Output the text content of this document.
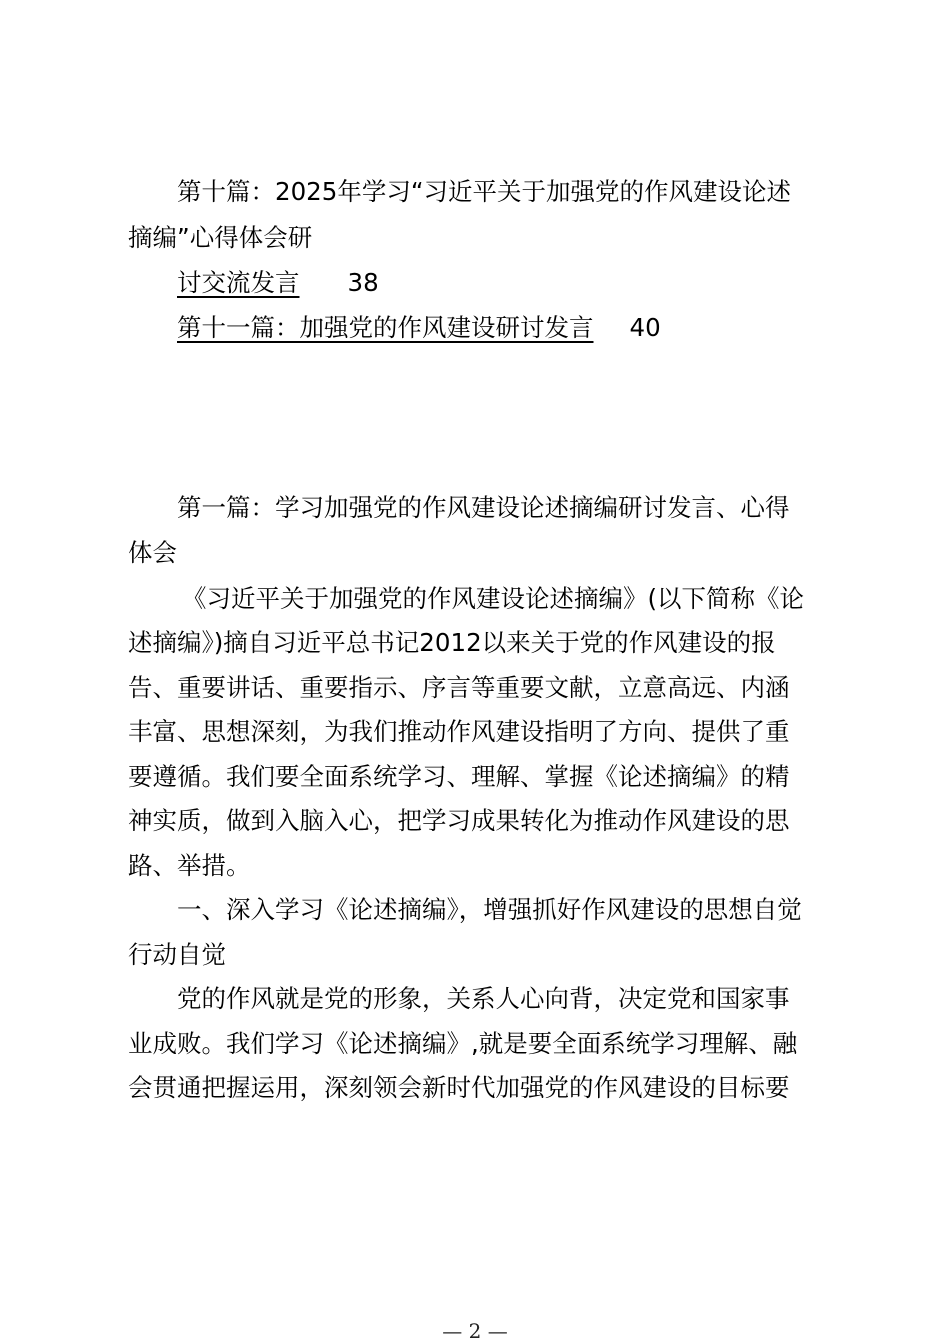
第十篇：2025年学习“习近平关于加强党的作风建设论述
摘编”心得体会研
讨交流发言 38
第十一篇：加强党的作风建设研讨发言 40
第一篇：学习加强党的作风建设论述摘编研讨发言、心得
体会
《习近平关于加强党的作风建设论述摘编》(以下简称《论
述摘编》)摘自习近平总书记2012以来关于党的作风建设的报
告、重要讲话、重要指示、序言等重要文献，立意高远、内涵
丰富、思想深刻，为我们推动作风建设指明了方向、提供了重
要遵循。我们要全面系统学习、理解、掌握《论述摘编》的精
神实质，做到入脑入心，把学习成果转化为推动作风建设的思
路、举措。
一、深入学习《论述摘编》，增强抓好作风建设的思想自觉
行动自觉
党的作风就是党的形象，关系人心向背，决定党和国家事
业成败。我们学习《论述摘编》,就是要全面系统学习理解、融
会贯通把握运用，深刻领会新时代加强党的作风建设的目标要
— 2 —
